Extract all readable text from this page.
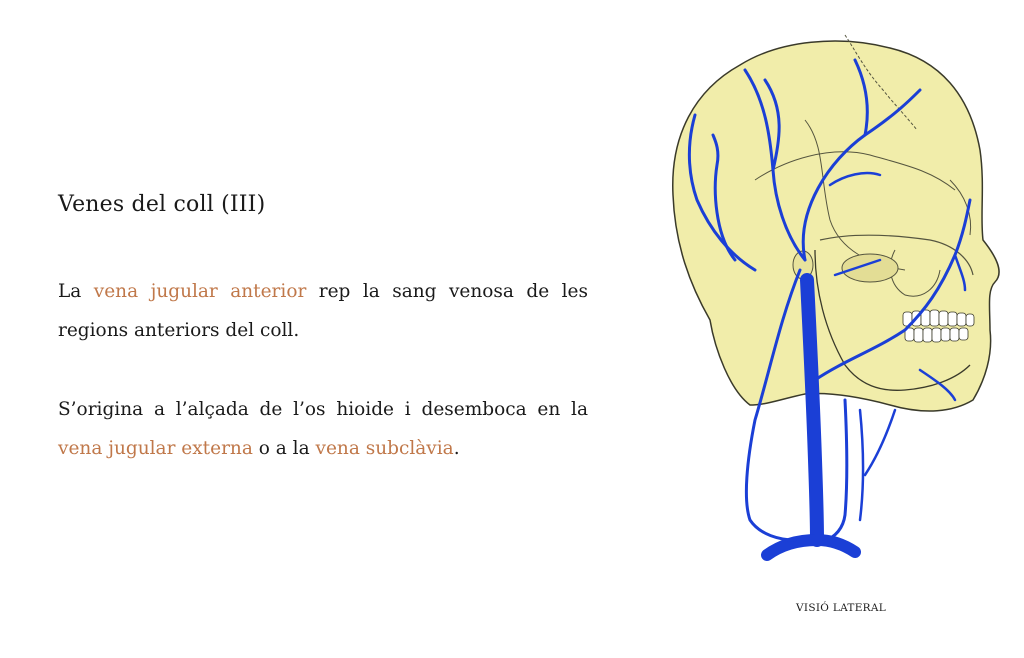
Venes del coll (III)

La vena jugular anterior rep la sang venosa de les regions anteriors del coll.

S’origina a l’alçada de l’os hioide i desemboca en la vena jugular externa o a la vena subclàvia.

VISIÓ LATERAL
